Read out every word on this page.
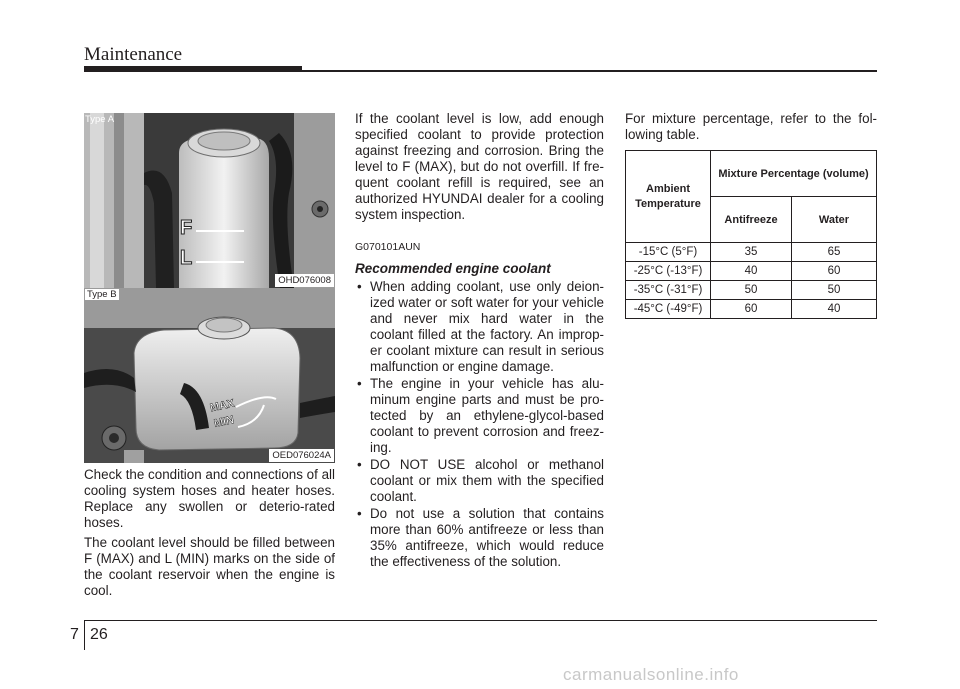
Maintenance
Type A
F
L
OHD076008
Type B
MAX
MIN
OED076024A

Check the condition and connections of all cooling system hoses and heater hoses. Replace any swollen or deterio-rated hoses.

The coolant level should be filled between F (MAX) and L (MIN) marks on the side of the coolant reservoir when the engine is cool.

If the coolant level is low, add enough specified coolant to provide protection against freezing and corrosion. Bring the level to F (MAX), but do not overfill. If fre-quent coolant refill is required, see an authorized HYUNDAI dealer for a cooling system inspection.

G070101AUN

Recommended engine coolant

• When adding coolant, use only deion-ized water or soft water for your vehicle and never mix hard water in the coolant filled at the factory. An improp-er coolant mixture can result in serious malfunction or engine damage.
• The engine in your vehicle has alu-minum engine parts and must be pro-tected by an ethylene-glycol-based coolant to prevent corrosion and freez-ing.
• DO NOT USE alcohol or methanol coolant or mix them with the specified coolant.
• Do not use a solution that contains more than 60% antifreeze or less than 35% antifreeze, which would reduce the effectiveness of the solution.

For mixture percentage, refer to the fol-lowing table.

Ambient Temperature	Mixture Percentage (volume)	
	Antifreeze	Water
-15°C (5°F)	35	65
-25°C (-13°F)	40	60
-35°C (-31°F)	50	50
-45°C (-49°F)	60	40
7 26
carmanualsonline.info
